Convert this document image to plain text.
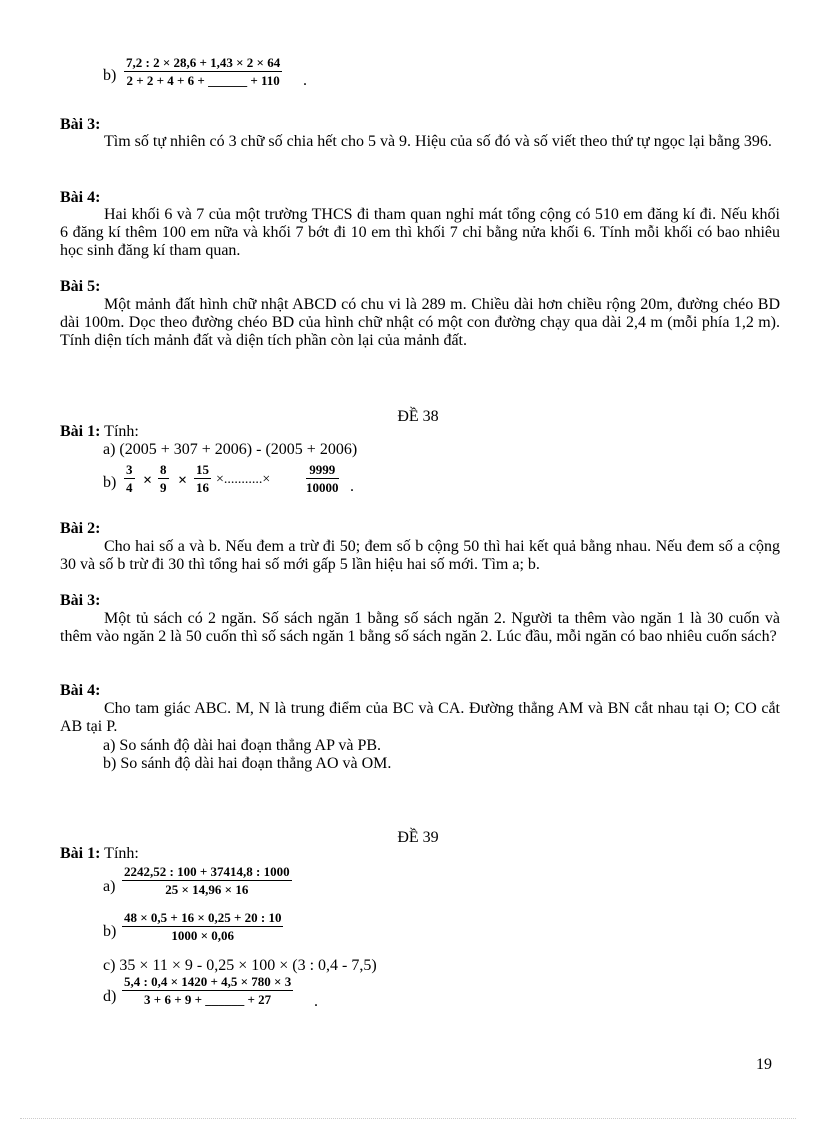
$b) \frac{7,2 : 2 \times 28,6 + 1,43 \times 2 \times 64}{2 + 2 + 4 + 6 + \_\_\_\_\_\_ + 110}$ .
Bài 3:
Tìm số tự nhiên có 3 chữ số chia hết cho 5 và 9. Hiệu của số đó và số viết theo thứ tự ngọc lại bằng 396.
Bài 4:
Hai khối 6 và 7 của một trường THCS đi tham quan nghỉ mát tổng cộng có 510 em đăng kí đi. Nếu khối 6 đăng kí thêm 100 em nữa và khối 7 bớt đi 10 em thì khối 7 chỉ bằng nửa khối 6. Tính mỗi khối có bao nhiêu học sinh đăng kí tham quan.
Bài 5:
Một mảnh đất hình chữ nhật ABCD có chu vi là 289 m. Chiều dài hơn chiều rộng 20m, đường chéo BD dài 100m. Dọc theo đường chéo BD của hình chữ nhật có một con đường chạy qua dài 2,4 m (mỗi phía 1,2 m). Tính diện tích mảnh đất và diện tích phần còn lại của mảnh đất.
ĐỀ 38
Bài 1: Tính:
a) (2005 + 307 + 2006) - (2005 + 2006)
$b) \frac{3}{4} \times \frac{8}{9} \times \frac{15}{16}$ ×...........×	$\frac{9999}{10000}$ .
Bài 2:
Cho hai số a và b. Nếu đem a trừ đi 50; đem số b cộng 50 thì hai kết quả bằng nhau. Nếu đem số a cộng 30 và số b trừ đi 30 thì tổng hai số mới gấp 5 lần hiệu hai số mới. Tìm a; b.
Bài 3:
Một tủ sách có 2 ngăn. Số sách ngăn 1 bằng số sách ngăn 2. Người ta thêm vào ngăn 1 là 30 cuốn và thêm vào ngăn 2 là 50 cuốn thì số sách ngăn 1 bằng số sách ngăn 2. Lúc đầu, mỗi ngăn có bao nhiêu cuốn sách?
Bài 4:
Cho tam giác ABC. M, N là trung điểm của BC và CA. Đường thẳng AM và BN cắt nhau tại O; CO cắt AB tại P.
a) So sánh độ dài hai đoạn thẳng AP và PB.
b) So sánh độ dài hai đoạn thẳng AO và OM.
ĐỀ 39
Bài 1: Tính:
$a) \frac{2242,52 : 100 + 37414,8 : 1000}{25 \times 14,96 \times 16}$
$b) \frac{48 \times 0,5 + 16 \times 0,25 + 20 : 10}{1000 \times 0,06}$
c) 35 × 11 × 9 - 0,25 × 100 × (3 : 0,4 - 7,5)
$d) \frac{5,4 : 0,4 \times 1420 + 4,5 \times 780 \times 3}{3 + 6 + 9 + \_\_\_\_\_\_ + 27}$ .
19
